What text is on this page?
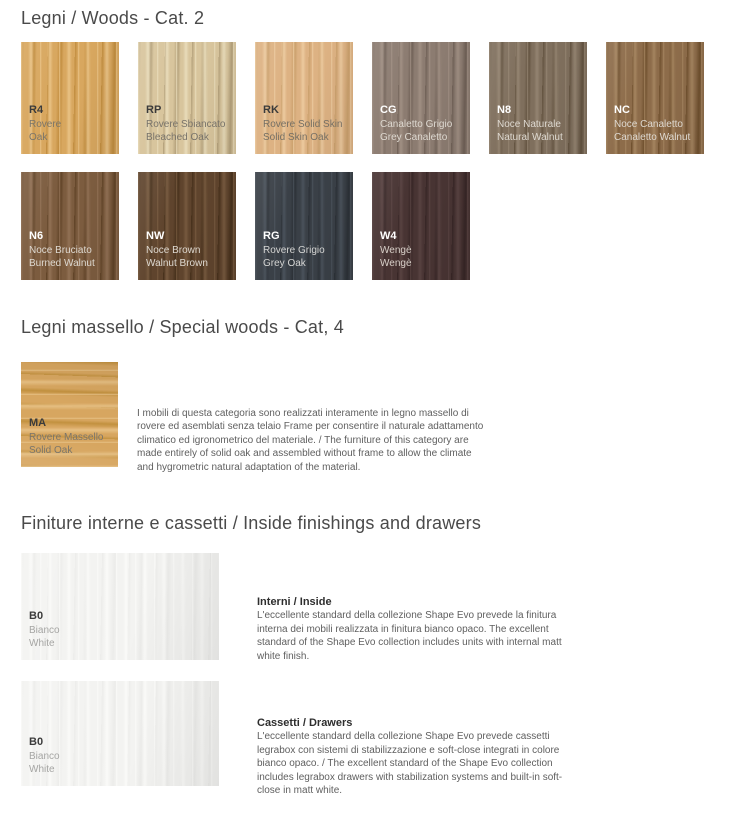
Legni / Woods - Cat. 2
R4
Rovere
Oak
RP
Rovere Sbiancato
Bleached Oak
RK
Rovere Solid Skin
Solid Skin Oak
CG
Canaletto Grigio
Grey Canaletto
N8
Noce Naturale
Natural Walnut
NC
Noce Canaletto
Canaletto Walnut
N6
Noce Bruciato
Burned Walnut
NW
Noce Brown
Walnut Brown
RG
Rovere Grigio
Grey Oak
W4
Wengè
Wengè
Legni massello / Special woods - Cat, 4
MA
Rovere Massello
Solid Oak

I mobili di questa categoria sono realizzati interamente in legno massello di rovere ed asemblati senza telaio Frame per consentire il naturale adattamento climatico ed igronometrico del materiale. / The furniture of this category are made entirely of solid oak and assembled without frame to allow the climate and hygrometric natural adaptation of the material.

Finiture interne e cassetti / Inside finishings and drawers
B0
Bianco
White
Interni / Inside

L'eccellente standard della collezione Shape Evo prevede la finitura interna dei mobili realizzata in finitura bianco opaco. The excellent standard of the Shape Evo collection includes units with internal matt white finish.

B0
Bianco
White
Cassetti / Drawers

L'eccellente standard della collezione Shape Evo prevede cassetti legrabox con sistemi di stabilizzazione e soft-close integrati in colore bianco opaco. / The excellent standard of the Shape Evo collection includes legrabox drawers with stabilization systems and built-in soft-close in matt white.
